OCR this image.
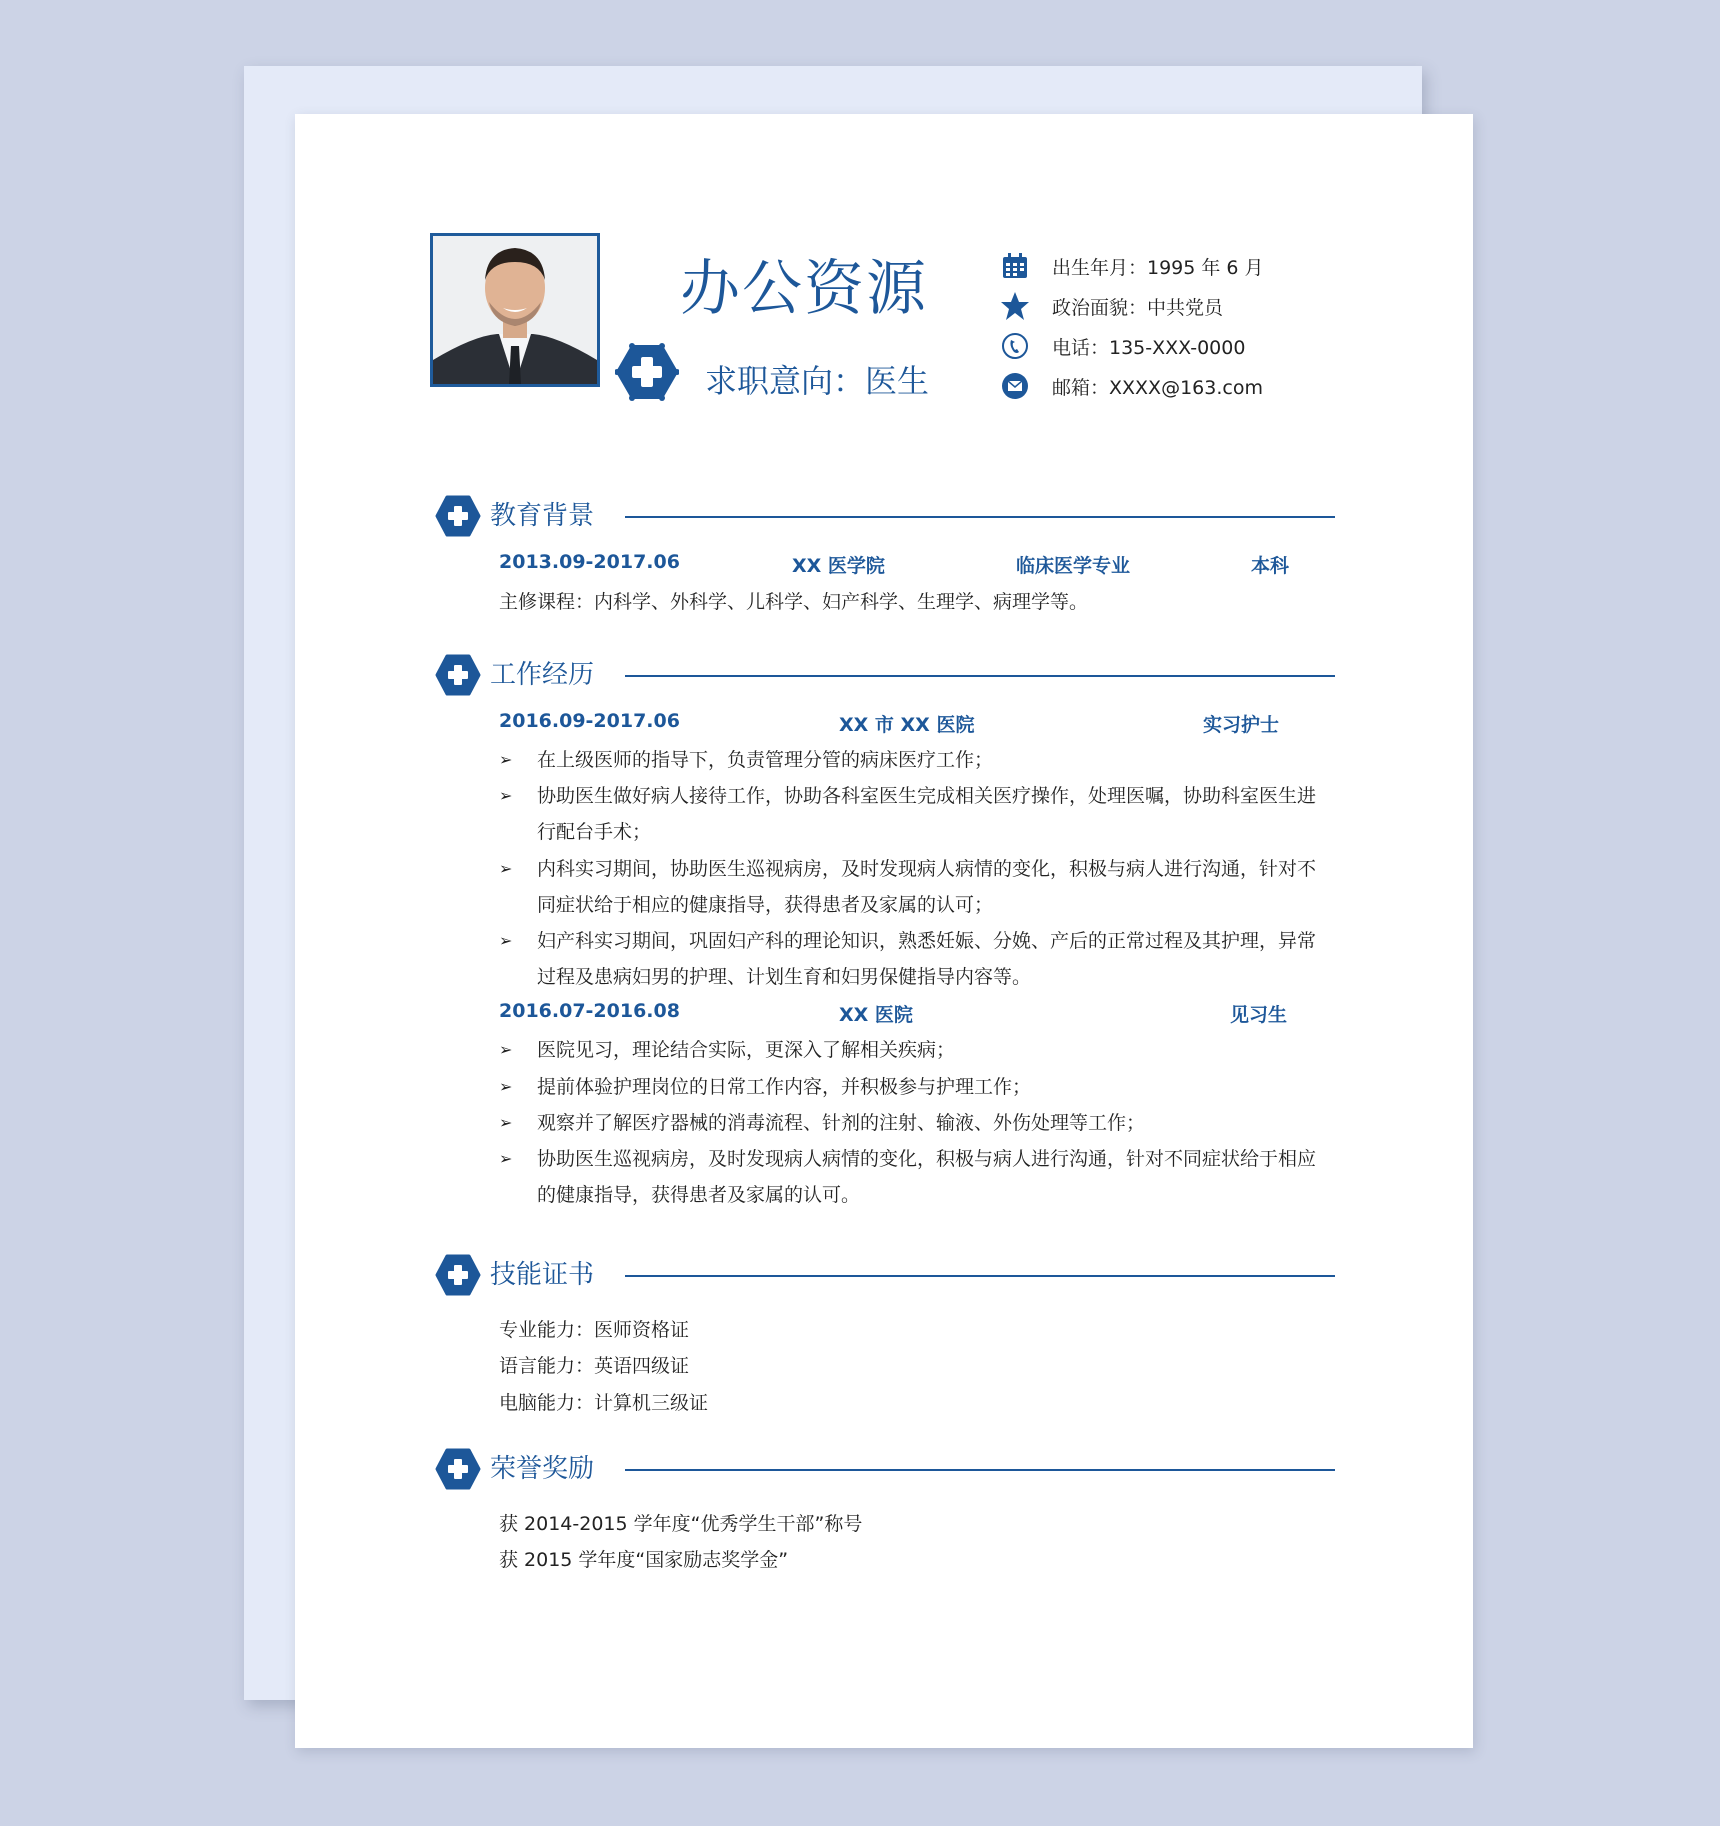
办公资源
求职意向：医生
出生年月：1995 年 6 月
政治面貌：中共党员
电话：135-XXX-0000
邮箱：XXXX@163.com
教育背景
2013.09-2017.06	XX 医学院	临床医学专业	本科
主修课程：内科学、外科学、儿科学、妇产科学、生理学、病理学等。
工作经历
2016.09-2017.06	XX 市 XX 医院	实习护士
➢ 在上级医师的指导下，负责管理分管的病床医疗工作；
➢ 协助医生做好病人接待工作，协助各科室医生完成相关医疗操作，处理医嘱，协助科室医生进行配台手术；
➢ 内科实习期间，协助医生巡视病房，及时发现病人病情的变化，积极与病人进行沟通，针对不同症状给于相应的健康指导，获得患者及家属的认可；
➢ 妇产科实习期间，巩固妇产科的理论知识，熟悉妊娠、分娩、产后的正常过程及其护理，异常过程及患病妇男的护理、计划生育和妇男保健指导内容等。
2016.07-2016.08	XX 医院	见习生
➢ 医院见习，理论结合实际，更深入了解相关疾病；
➢ 提前体验护理岗位的日常工作内容，并积极参与护理工作；
➢ 观察并了解医疗器械的消毒流程、针剂的注射、输液、外伤处理等工作；
➢ 协助医生巡视病房，及时发现病人病情的变化，积极与病人进行沟通，针对不同症状给于相应的健康指导，获得患者及家属的认可。
技能证书
专业能力：医师资格证
语言能力：英语四级证
电脑能力：计算机三级证
荣誉奖励
获 2014-2015 学年度“优秀学生干部”称号
获 2015 学年度“国家励志奖学金”
